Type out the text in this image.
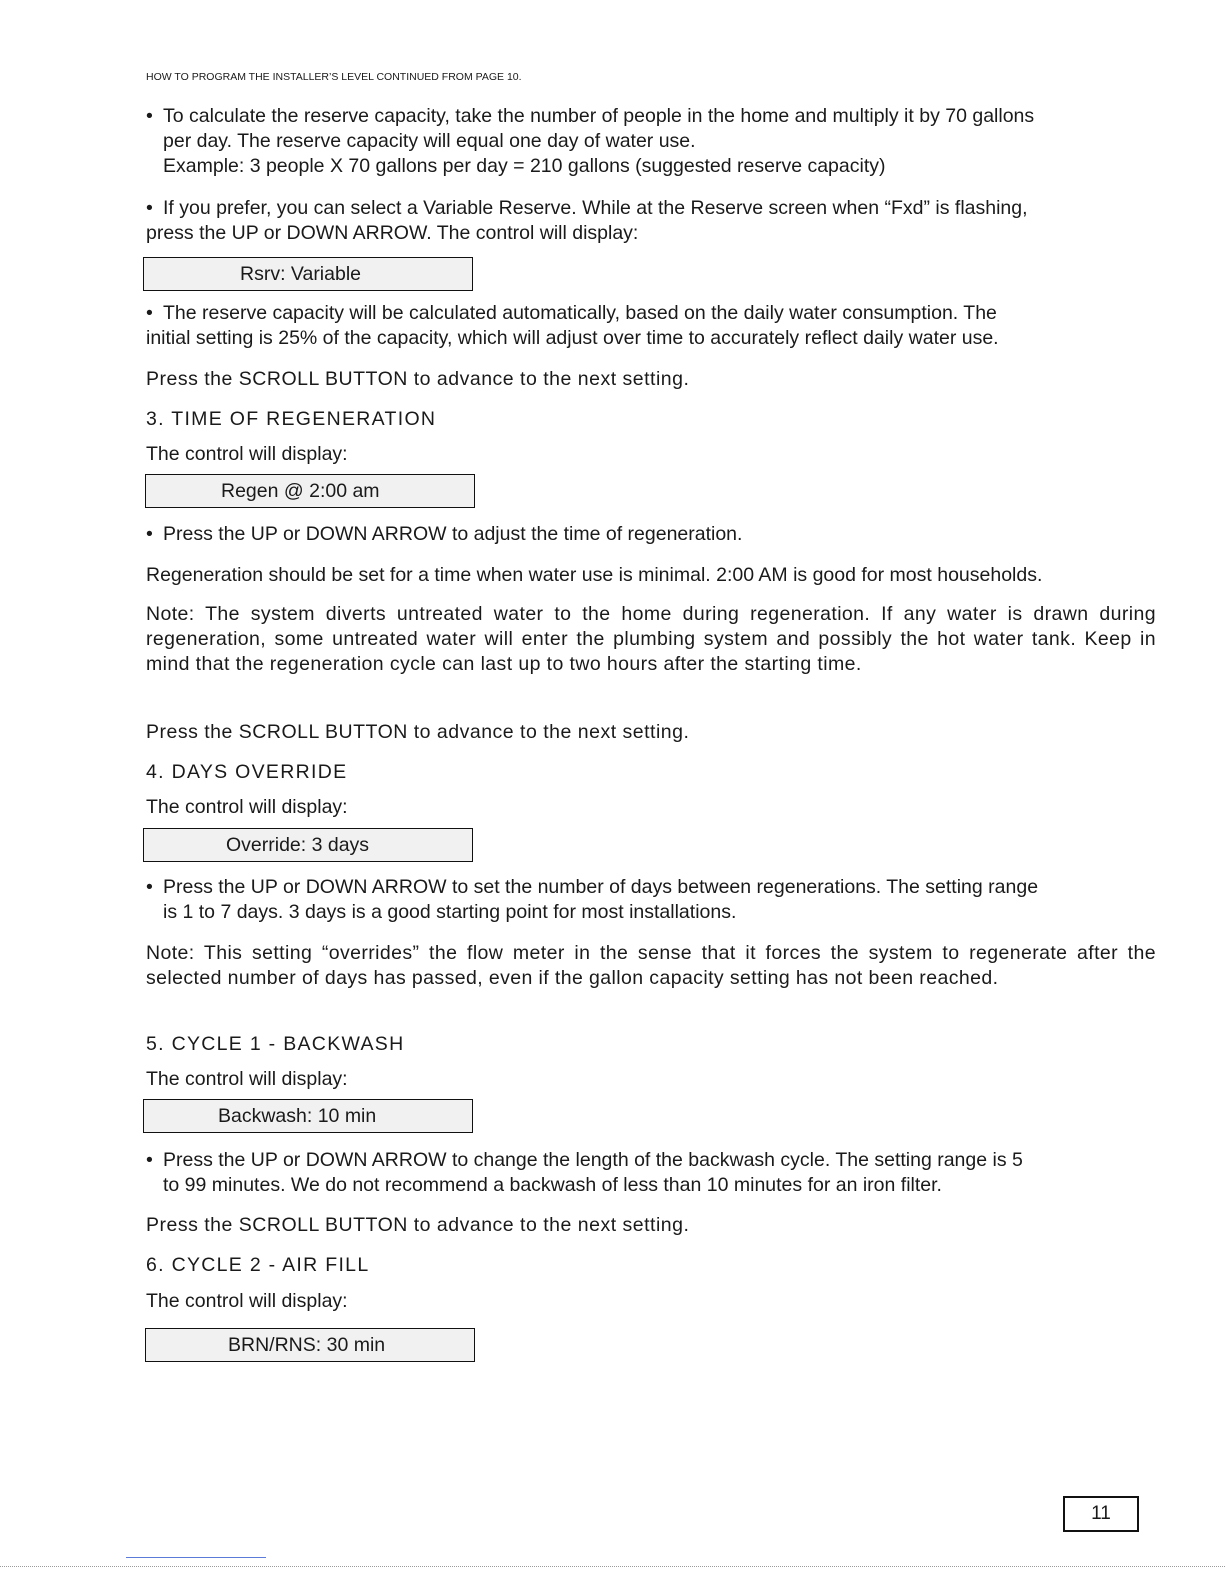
HOW TO PROGRAM THE INSTALLER’S LEVEL CONTINUED FROM PAGE 10.
• To calculate the reserve capacity, take the number of people in the home and multiply it by 70 gallons
per day. The reserve capacity will equal one day of water use.
Example: 3 people X 70 gallons per day = 210 gallons (suggested reserve capacity)
• If you prefer, you can select a Variable Reserve. While at the Reserve screen when “Fxd” is flashing,
press the UP or DOWN ARROW. The control will display:
Rsrv: Variable
• The reserve capacity will be calculated automatically, based on the daily water consumption. The
initial setting is 25% of the capacity, which will adjust over time to accurately reflect daily water use.
Press the SCROLL BUTTON to advance to the next setting.
3. TIME OF REGENERATION
The control will display:
Regen @ 2:00 am
• Press the UP or DOWN ARROW to adjust the time of regeneration.
Regeneration should be set for a time when water use is minimal. 2:00 AM is good for most households.

Note: The system diverts untreated water to the home during regeneration. If any water is drawn during regeneration, some untreated water will enter the plumbing system and possibly the hot water tank. Keep in mind that the regeneration cycle can last up to two hours after the starting time.

Press the SCROLL BUTTON to advance to the next setting.
4. DAYS OVERRIDE
The control will display:
Override: 3 days
• Press the UP or DOWN ARROW to set the number of days between regenerations. The setting range
is 1 to 7 days. 3 days is a good starting point for most installations.

Note: This setting “overrides” the flow meter in the sense that it forces the system to regenerate after the selected number of days has passed, even if the gallon capacity setting has not been reached.

5. CYCLE 1 - BACKWASH
The control will display:
Backwash: 10 min
• Press the UP or DOWN ARROW to change the length of the backwash cycle. The setting range is 5
to 99 minutes. We do not recommend a backwash of less than 10 minutes for an iron filter.
Press the SCROLL BUTTON to advance to the next setting.
6. CYCLE 2 - AIR FILL
The control will display:
BRN/RNS: 30 min
11
